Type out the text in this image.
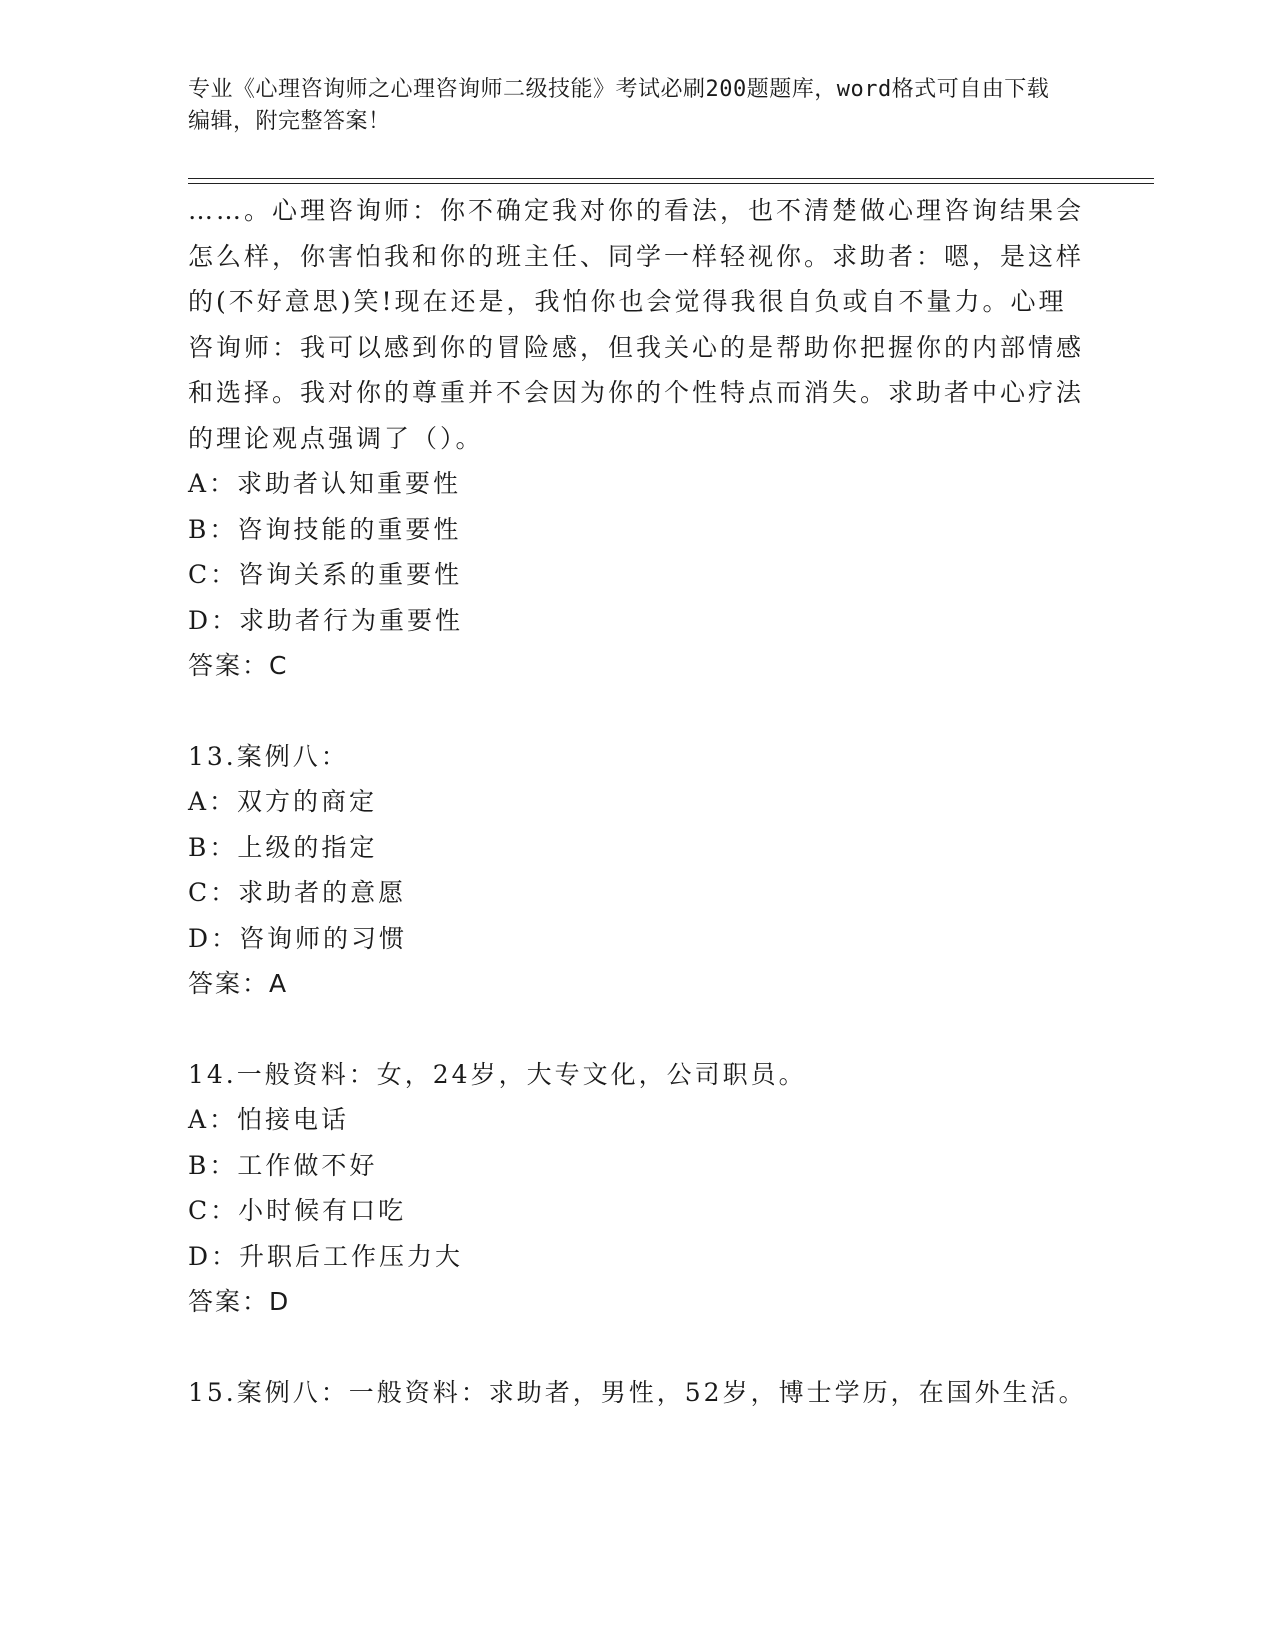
专业《心理咨询师之心理咨询师二级技能》考试必刷200题题库，word格式可自由下载编辑，附完整答案！

……。心理咨询师：你不确定我对你的看法，也不清楚做心理咨询结果会怎么样，你害怕我和你的班主任、同学一样轻视你。求助者：嗯，是这样的(不好意思)笑!现在还是，我怕你也会觉得我很自负或自不量力。心理咨询师：我可以感到你的冒险感，但我关心的是帮助你把握你的内部情感和选择。我对你的尊重并不会因为你的个性特点而消失。求助者中心疗法的理论观点强调了（）。

A：求助者认知重要性
B：咨询技能的重要性
C：咨询关系的重要性
D：求助者行为重要性
答案：C

13.案例八：

A：双方的商定
B：上级的指定
C：求助者的意愿
D：咨询师的习惯
答案：A

14.一般资料：女，24岁，大专文化，公司职员。

A：怕接电话
B：工作做不好
C：小时候有口吃
D：升职后工作压力大
答案：D

15.案例八：一般资料：求助者，男性，52岁，博士学历，在国外生活。
